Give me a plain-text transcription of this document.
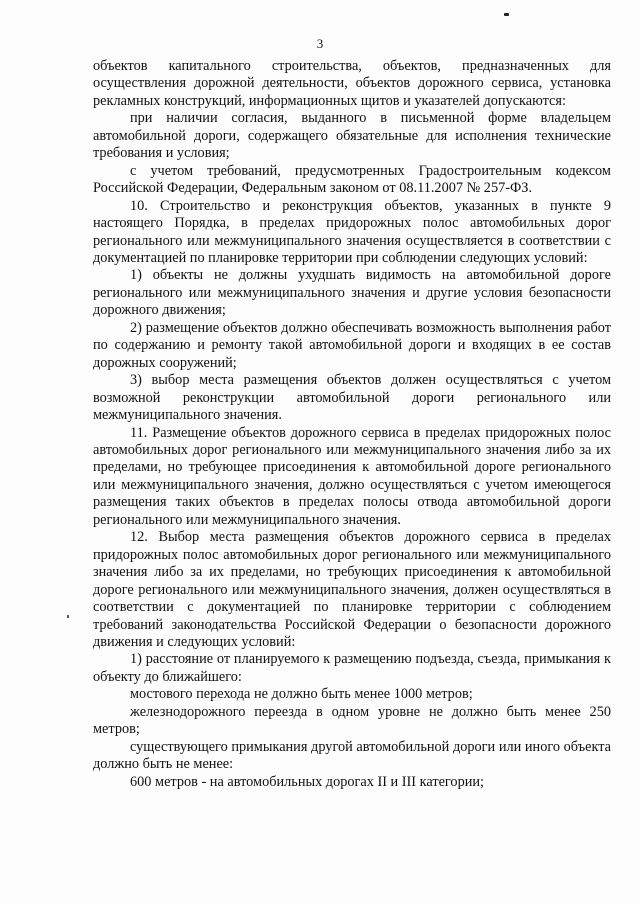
3

объектов капитального строительства, объектов, предназначенных для осуществления дорожной деятельности, объектов дорожного сервиса, установка рекламных конструкций, информационных щитов и указателей допускаются:

при наличии согласия, выданного в письменной форме владельцем автомобильной дороги, содержащего обязательные для исполнения технические требования и условия;

с учетом требований, предусмотренных Градостроительным кодексом Российской Федерации, Федеральным законом от 08.11.2007 № 257-ФЗ.

10. Строительство и реконструкция объектов, указанных в пункте 9 настоящего Порядка, в пределах придорожных полос автомобильных дорог регионального или межмуниципального значения осуществляется в соответствии с документацией по планировке территории при соблюдении следующих условий:

1) объекты не должны ухудшать видимость на автомобильной дороге регионального или межмуниципального значения и другие условия безопасности дорожного движения;

2) размещение объектов должно обеспечивать возможность выполнения работ по содержанию и ремонту такой автомобильной дороги и входящих в ее состав дорожных сооружений;

3) выбор места размещения объектов должен осуществляться с учетом возможной реконструкции автомобильной дороги регионального или межмуниципального значения.

11. Размещение объектов дорожного сервиса в пределах придорожных полос автомобильных дорог регионального или межмуниципального значения либо за их пределами, но требующее присоединения к автомобильной дороге регионального или межмуниципального значения, должно осуществляться с учетом имеющегося размещения таких объектов в пределах полосы отвода автомобильной дороги регионального или межмуниципального значения.

12. Выбор места размещения объектов дорожного сервиса в пределах придорожных полос автомобильных дорог регионального или межмуниципального значения либо за их пределами, но требующих присоединения к автомобильной дороге регионального или межмуниципального значения, должен осуществляться в соответствии с документацией по планировке территории с соблюдением требований законодательства Российской Федерации о безопасности дорожного движения и следующих условий:

1) расстояние от планируемого к размещению подъезда, съезда, примыкания к объекту до ближайшего:

мостового перехода не должно быть менее 1000 метров;

железнодорожного переезда в одном уровне не должно быть менее 250 метров;

существующего примыкания другой автомобильной дороги или иного объекта должно быть не менее:

600 метров - на автомобильных дорогах II и III категории;
